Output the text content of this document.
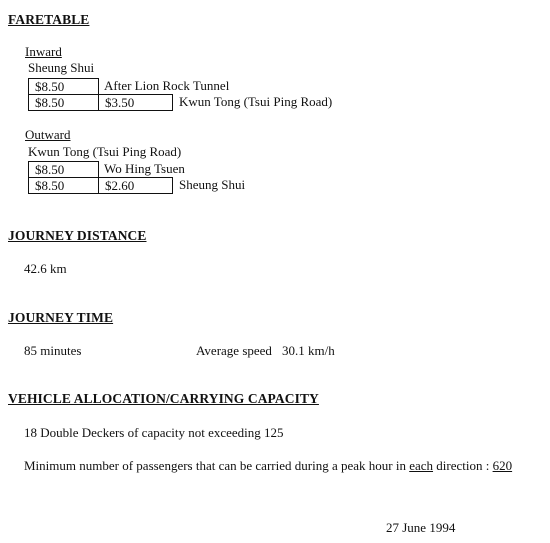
FARETABLE
Inward
Sheung Shui
$8.50	After Lion Rock Tunnel
$8.50	$3.50	Kwun Tong (Tsui Ping Road)
Outward
Kwun Tong (Tsui Ping Road)
$8.50	Wo Hing Tsuen
$8.50	$2.60	Sheung Shui
JOURNEY DISTANCE
42.6 km
JOURNEY TIME
85 minutes	Average speed 30.1 km/h
VEHICLE ALLOCATION/CARRYING CAPACITY
18 Double Deckers of capacity not exceeding 125
Minimum number of passengers that can be carried during a peak hour in each direction : 620
27 June 1994
